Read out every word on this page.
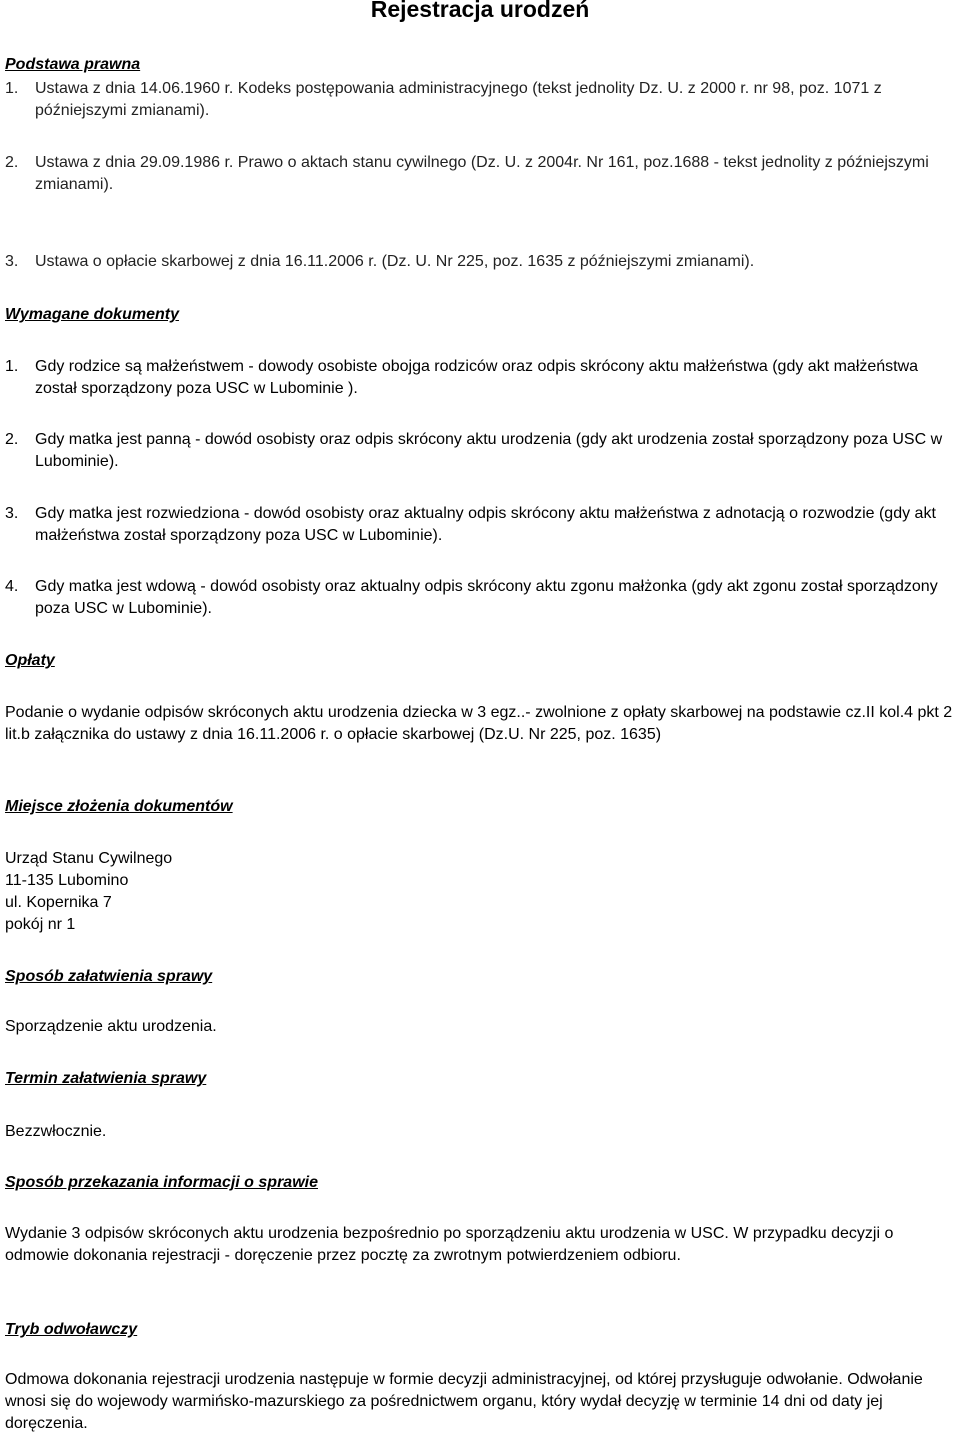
Rejestracja urodzeń
Podstawa prawna
1.	Ustawa z dnia 14.06.1960 r. Kodeks postępowania administracyjnego (tekst jednolity Dz. U. z 2000 r. nr 98, poz. 1071 z późniejszymi zmianami).
2.	Ustawa z dnia 29.09.1986 r. Prawo o aktach stanu cywilnego (Dz. U. z 2004r. Nr 161, poz.1688 - tekst jednolity z późniejszymi zmianami).
3.	Ustawa o opłacie skarbowej z dnia 16.11.2006 r. (Dz. U. Nr 225, poz. 1635 z późniejszymi zmianami).
Wymagane dokumenty
1.	Gdy rodzice są małżeństwem - dowody osobiste obojga rodziców oraz odpis skrócony aktu małżeństwa (gdy akt małżeństwa został sporządzony poza USC w Lubominie ).
2.	Gdy matka jest panną - dowód osobisty oraz odpis skrócony aktu urodzenia (gdy akt urodzenia został sporządzony poza USC w Lubominie).
3.	Gdy matka jest rozwiedziona - dowód osobisty oraz aktualny odpis skrócony aktu małżeństwa z adnotacją o rozwodzie (gdy akt małżeństwa został sporządzony poza USC w Lubominie).
4.	Gdy matka jest wdową - dowód osobisty oraz aktualny odpis skrócony aktu zgonu małżonka (gdy akt zgonu został sporządzony poza USC w Lubominie).
Opłaty
Podanie o wydanie odpisów skróconych aktu urodzenia dziecka w 3 egz..- zwolnione z opłaty skarbowej na podstawie cz.II kol.4 pkt 2 lit.b załącznika do ustawy z dnia 16.11.2006 r. o opłacie skarbowej (Dz.U. Nr 225, poz. 1635)
Miejsce złożenia dokumentów
Urząd Stanu Cywilnego
11-135 Lubomino
ul. Kopernika 7
pokój nr 1
Sposób załatwienia sprawy
Sporządzenie aktu urodzenia.
Termin załatwienia sprawy
Bezzwłocznie.
Sposób przekazania informacji o sprawie
Wydanie 3 odpisów skróconych aktu urodzenia bezpośrednio po sporządzeniu aktu urodzenia w USC. W przypadku decyzji o odmowie dokonania rejestracji - doręczenie przez pocztę za zwrotnym potwierdzeniem odbioru.
Tryb odwoławczy
Odmowa dokonania rejestracji urodzenia następuje w formie decyzji administracyjnej, od której przysługuje odwołanie. Odwołanie wnosi się do wojewody warmińsko-mazurskiego za pośrednictwem organu, który wydał decyzję w terminie 14 dni od daty jej doręczenia.
